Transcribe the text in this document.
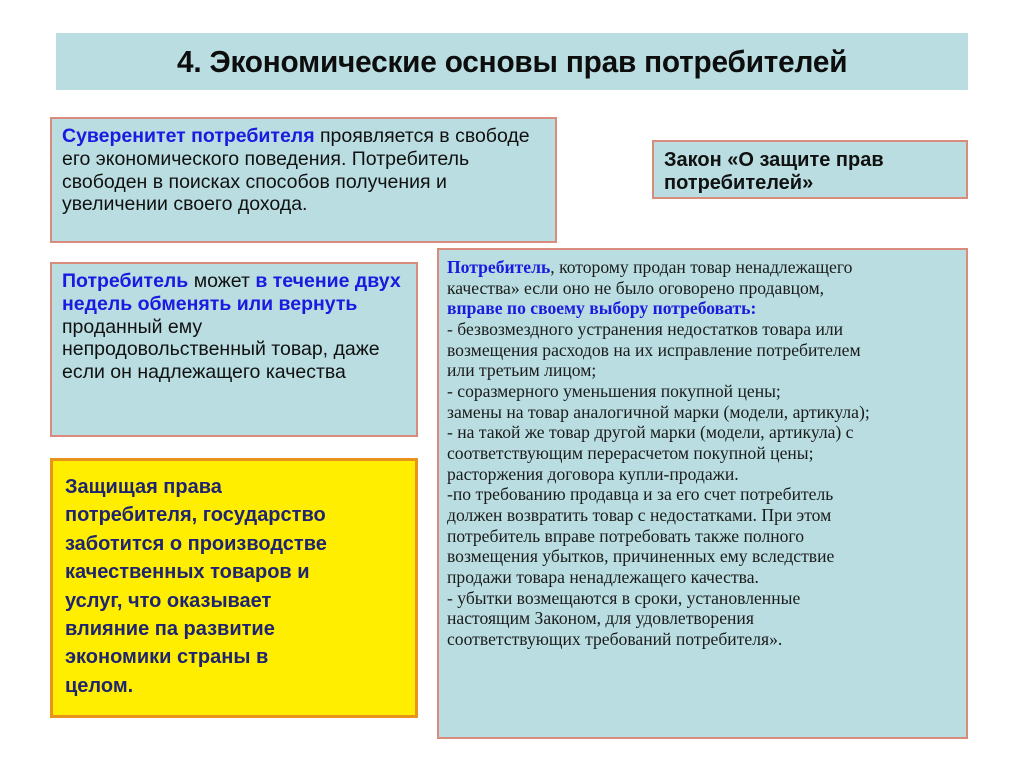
4. Экономические основы прав потребителей
Суверенитет потребителя проявляется в свободе его экономического поведения. Потребитель свободен в поисках способов получения и увеличении своего дохода.
Закон «О защите прав потребителей»
Потребитель может в течение двух недель обменять или вернуть проданный ему непродовольственный товар, даже если он надлежащего качества
Защищая права
потребителя, государство
заботится о производстве
качественных товаров и
услуг, что оказывает
влияние па развитие
экономики страны в
целом.
Потребитель, которому продан товар ненадлежащего
качества» если оно не было оговорено продавцом,
вправе по своему выбору потребовать:
- безвозмездного устранения недостатков товара или
возмещения расходов на их исправление потребителем
или третьим лицом;
- соразмерного уменьшения покупной цены;
замены на товар аналогичной марки (модели, артикула);
- на такой же товар другой марки (модели, артикула) с
соответствующим перерасчетом покупной цены;
расторжения договора купли-продажи.
-по требованию продавца и за его счет потребитель
должен возвратить товар с недостатками. При этом
потребитель вправе потребовать также полного
возмещения убытков, причиненных ему вследствие
продажи товара ненадлежащего качества.
- убытки возмещаются в сроки, установленные
настоящим Законом, для удовлетворения
соответствующих требований потребителя».
